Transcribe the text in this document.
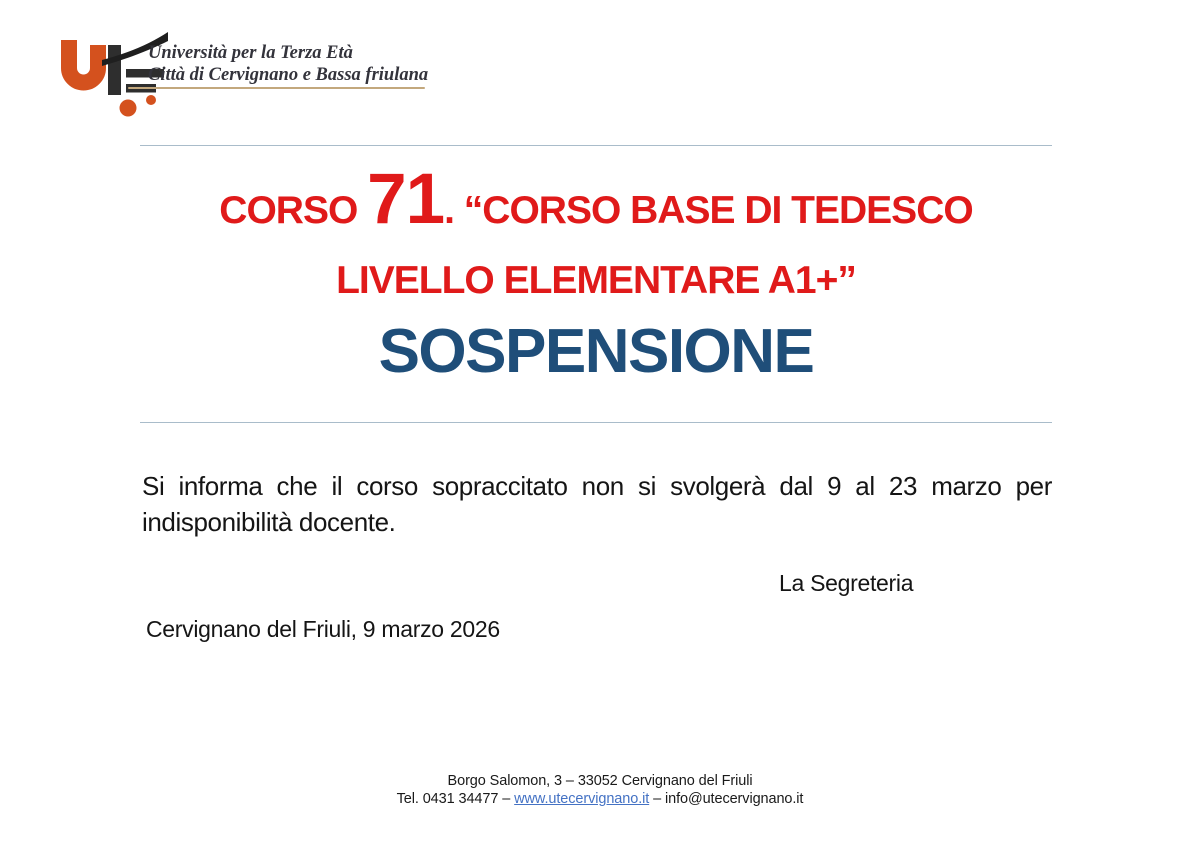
Università per la Terza Età
Città di Cervignano e Bassa friulana
CORSO 71. “CORSO BASE DI TEDESCO
LIVELLO ELEMENTARE A1+”
SOSPENSIONE
Si informa che il corso sopraccitato non si svolgerà dal 9 al 23 marzo per
indisponibilità docente.
La Segreteria
Cervignano del Friuli, 9 marzo 2026
Borgo Salomon, 3 – 33052 Cervignano del Friuli
Tel. 0431 34477 – www.utecervignano.it – info@utecervignano.it
